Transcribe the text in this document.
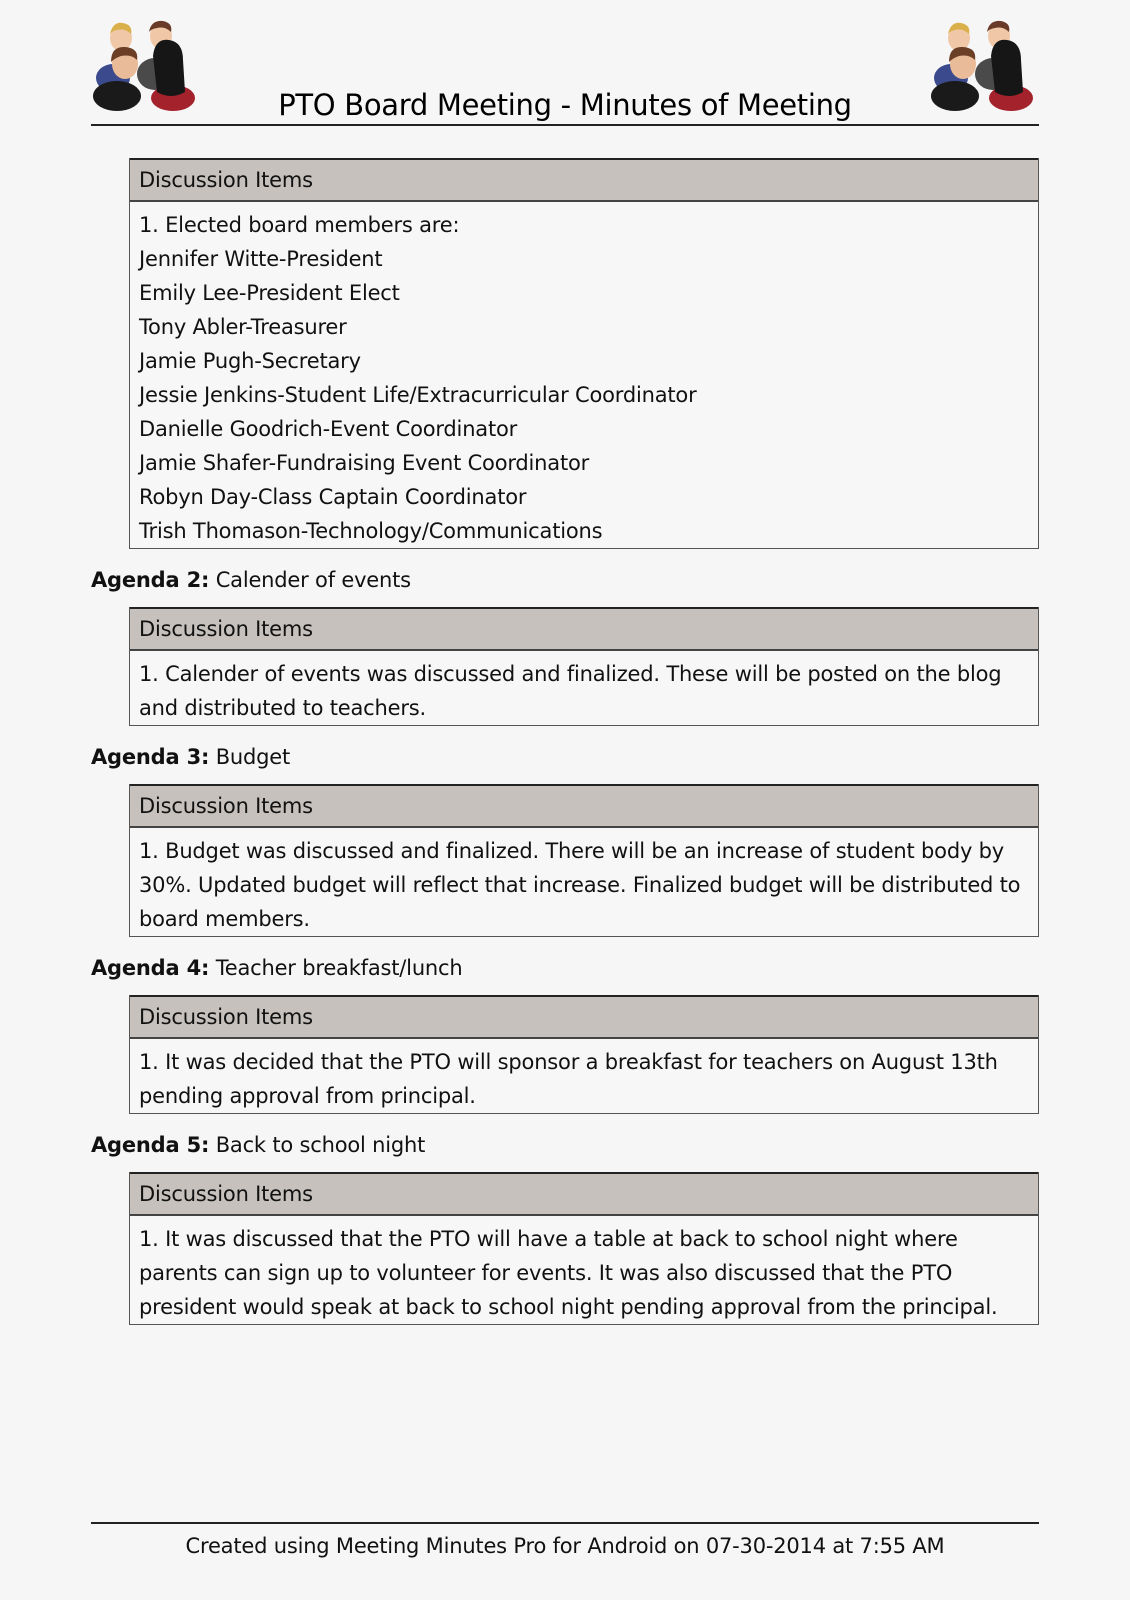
PTO Board Meeting - Minutes of Meeting
Discussion Items
1. Elected board members are:
Jennifer Witte-President
Emily Lee-President Elect
Tony Abler-Treasurer
Jamie Pugh-Secretary
Jessie Jenkins-Student Life/Extracurricular Coordinator
Danielle Goodrich-Event Coordinator
Jamie Shafer-Fundraising Event Coordinator
Robyn Day-Class Captain Coordinator
Trish Thomason-Technology/Communications
Agenda 2: Calender of events
Discussion Items
1. Calender of events was discussed and finalized. These will be posted on the blog and distributed to teachers.
Agenda 3: Budget
Discussion Items
1. Budget was discussed and finalized. There will be an increase of student body by 30%. Updated budget will reflect that increase. Finalized budget will be distributed to board members.
Agenda 4: Teacher breakfast/lunch
Discussion Items
1. It was decided that the PTO will sponsor a breakfast for teachers on August 13th pending approval from principal.
Agenda 5: Back to school night
Discussion Items
1. It was discussed that the PTO will have a table at back to school night where parents can sign up to volunteer for events. It was also discussed that the PTO president would speak at back to school night pending approval from the principal.
Created using Meeting Minutes Pro for Android on 07-30-2014 at 7:55 AM
